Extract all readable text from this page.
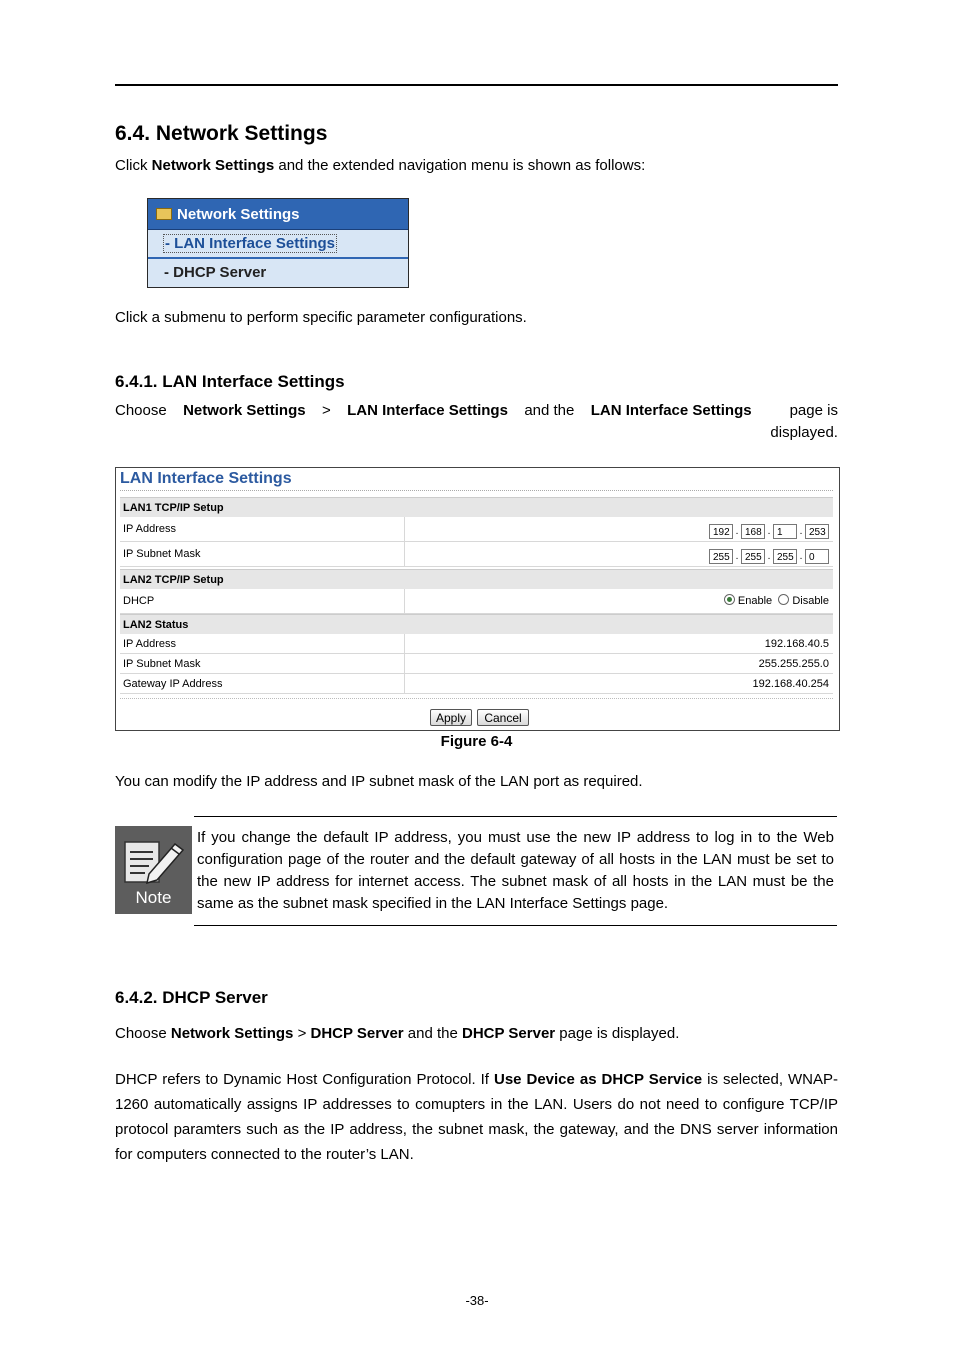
6.4. Network Settings
Click Network Settings and the extended navigation menu is shown as follows:
Network Settings
- LAN Interface Settings
- DHCP Server
Click a submenu to perform specific parameter configurations.
6.4.1. LAN Interface Settings
Choose Network Settings > LAN Interface Settings and the LAN Interface Settings	page is displayed.
LAN Interface Settings
LAN1 TCP/IP Setup
IP Address	192 . 168 . 1 . 253
IP Subnet Mask	255 . 255 . 255 . 0
LAN2 TCP/IP Setup
DHCP	Enable Disable
LAN2 Status
IP Address	192.168.40.5
IP Subnet Mask	255.255.255.0
Gateway IP Address	192.168.40.254
Apply	Cancel
Figure 6-4
You can modify the IP address and IP subnet mask of the LAN port as required.
Note
If you change the default IP address, you must use the new IP address to log in to the Web configuration page of the router and the default gateway of all hosts in the LAN must be set to the new IP address for internet access. The subnet mask of all hosts in the LAN must be the same as the subnet mask specified in the LAN Interface Settings page.
6.4.2. DHCP Server
Choose Network Settings > DHCP Server and the DHCP Server page is displayed.
DHCP refers to Dynamic Host Configuration Protocol. If Use Device as DHCP Service is selected, WNAP-1260 automatically assigns IP addresses to comupters in the LAN. Users do not need to configure TCP/IP protocol paramters such as the IP address, the subnet mask, the gateway, and the DNS server information for computers connected to the router’s LAN.
-38-
